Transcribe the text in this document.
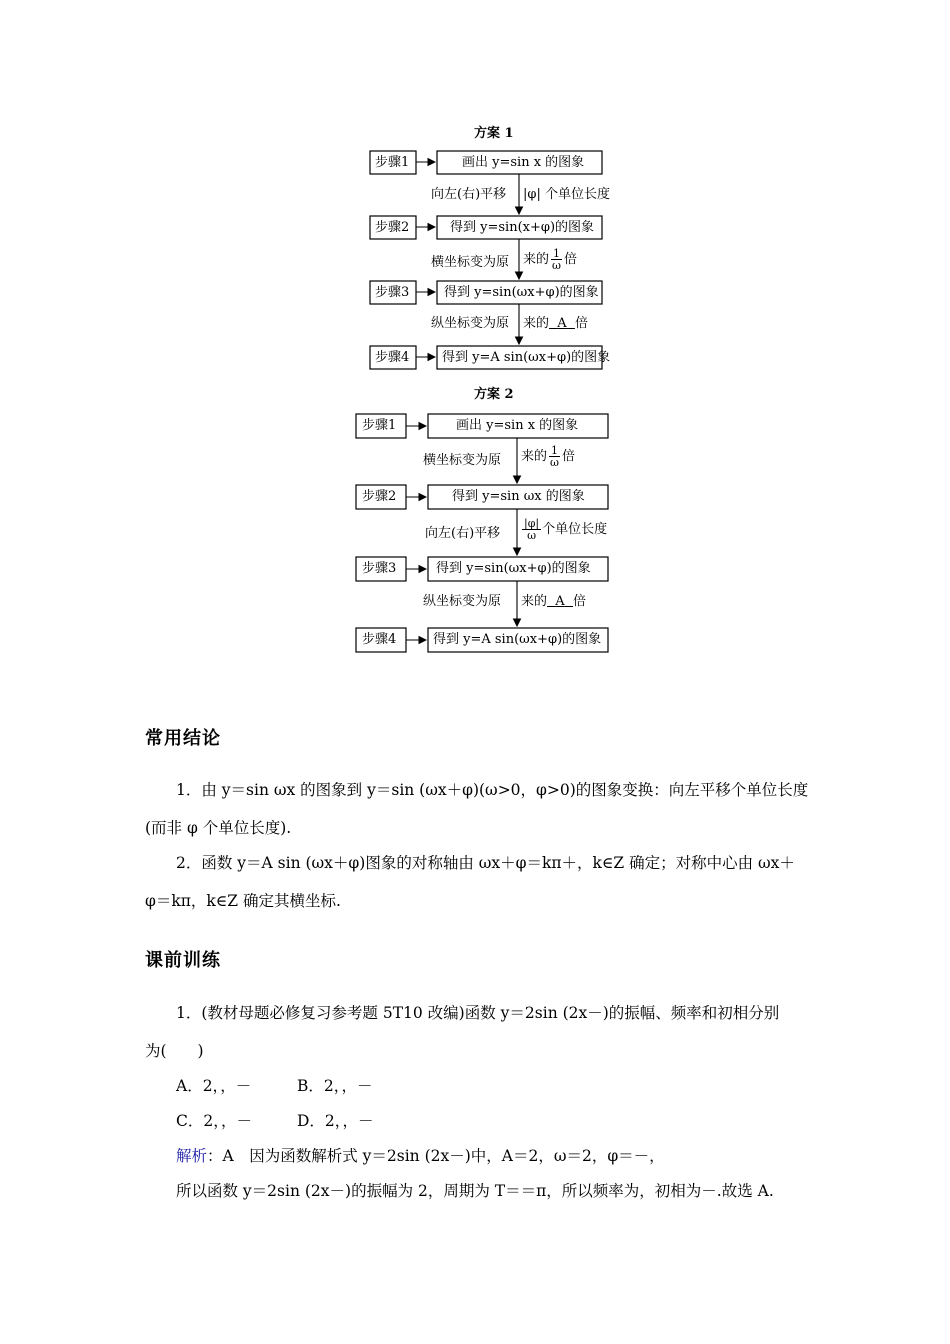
方案 1
步骤1
步骤2
步骤3
步骤4
画出 y=sin x 的图象
得到 y=sin(x+φ)的图象
得到 y=sin(ωx+φ)的图象
得到 y=A sin(ωx+φ)的图象
向左(右)平移 |φ| 个单位长度
横坐标变为原 来的 $\frac{1}{\omega}$ 倍
纵坐标变为原 来的 A 倍
方案 2
步骤1
步骤2
步骤3
步骤4
画出 y=sin x 的图象
得到 y=sin ωx 的图象
得到 y=sin(ωx+φ)的图象
得到 y=A sin(ωx+φ)的图象
横坐标变为原 来的 $\frac{1}{\omega}$ 倍
向左(右)平移 $\frac{|\varphi|}{\omega}$ 个单位长度
纵坐标变为原 来的 A 倍
常用结论
1．由 y＝sin ωx 的图象到 y＝sin (ωx＋φ)(ω>0，φ>0)的图象变换：向左平移个单位长度
(而非 φ 个单位长度).
2．函数 y＝A sin (ωx＋φ)图象的对称轴由 ωx＋φ＝kπ＋，k∈Z 确定；对称中心由 ωx＋
φ＝kπ，k∈Z 确定其横坐标.
课前训练
1．(教材母题必修复习参考题 5T10 改编)函数 y＝2sin (2x－)的振幅、频率和初相分别
为(　　)
A．2，，－	B．2，，－
C．2，，－	D．2，，－
解析：A　因为函数解析式 y＝2sin (2x－)中，A＝2，ω＝2，φ＝－，
所以函数 y＝2sin (2x－)的振幅为 2，周期为 T＝＝π，所以频率为，初相为－.故选 A.
